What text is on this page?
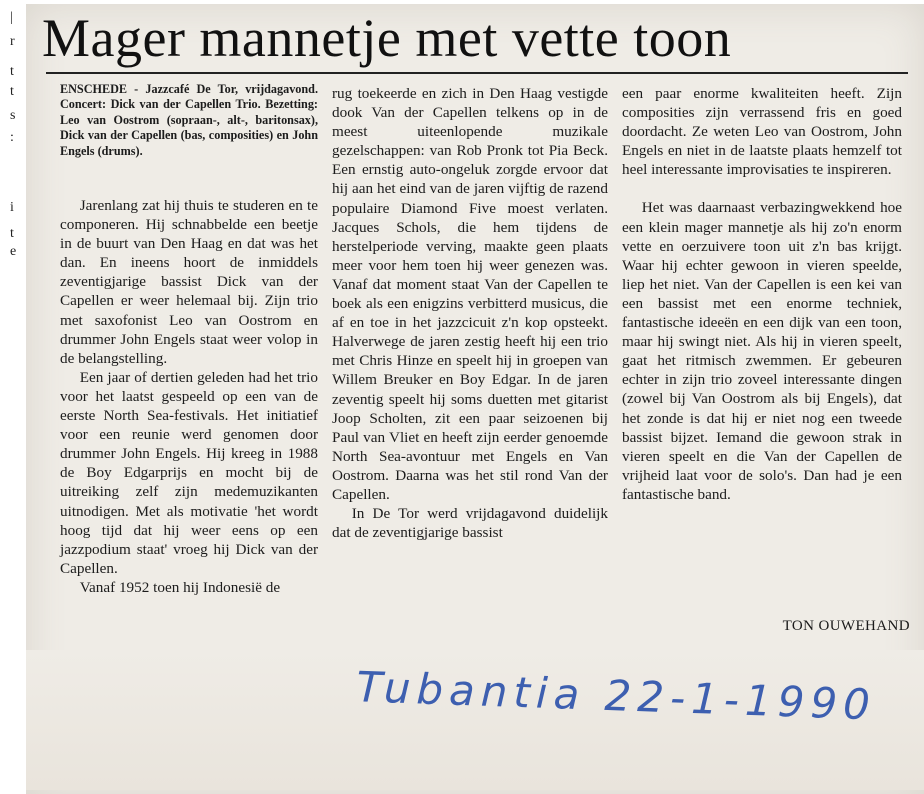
|
r
t
t
s
:
i
t
e
Mager mannetje met vette toon
ENSCHEDE - Jazzcafé De Tor, vrijdagavond. Concert: Dick van der Capellen Trio. Bezetting: Leo van Oostrom (sopraan-, alt-, baritonsax), Dick van der Capellen (bas, composities) en John Engels (drums).

Jarenlang zat hij thuis te studeren en te componeren. Hij schnabbelde een beetje in de buurt van Den Haag en dat was het dan. En ineens hoort de inmiddels zeventigjarige bassist Dick van der Capellen er weer helemaal bij. Zijn trio met saxofonist Leo van Oostrom en drummer John Engels staat weer volop in de belangstelling.

Een jaar of dertien geleden had het trio voor het laatst gespeeld op een van de eerste North Sea-festivals. Het initiatief voor een reunie werd genomen door drummer John Engels. Hij kreeg in 1988 de Boy Edgarprijs en mocht bij de uitreiking zelf zijn medemuzikanten uitnodigen. Met als motivatie 'het wordt hoog tijd dat hij weer eens op een jazzpodium staat' vroeg hij Dick van der Capellen.

Vanaf 1952 toen hij Indonesië de

rug toekeerde en zich in Den Haag vestigde dook Van der Capellen telkens op in de meest uiteenlopende muzikale gezelschappen: van Rob Pronk tot Pia Beck. Een ernstig auto-ongeluk zorgde ervoor dat hij aan het eind van de jaren vijftig de razend populaire Diamond Five moest verlaten. Jacques Schols, die hem tijdens de herstelperiode verving, maakte geen plaats meer voor hem toen hij weer genezen was. Vanaf dat moment staat Van der Capellen te boek als een enigzins verbitterd musicus, die af en toe in het jazzcicuit z'n kop opsteekt. Halverwege de jaren zestig heeft hij een trio met Chris Hinze en speelt hij in groepen van Willem Breuker en Boy Edgar. In de jaren zeventig speelt hij soms duetten met gitarist Joop Scholten, zit een paar seizoenen bij Paul van Vliet en heeft zijn eerder genoemde North Sea-avontuur met Engels en Van Oostrom. Daarna was het stil rond Van der Capellen.

In De Tor werd vrijdagavond duidelijk dat de zeventigjarige bassist

een paar enorme kwaliteiten heeft. Zijn composities zijn verrassend fris en goed doordacht. Ze weten Leo van Oostrom, John Engels en niet in de laatste plaats hemzelf tot heel interessante improvisaties te inspireren.

Het was daarnaast verbazingwekkend hoe een klein mager mannetje als hij zo'n enorm vette en oerzuivere toon uit z'n bas krijgt. Waar hij echter gewoon in vieren speelde, liep het niet. Van der Capellen is een kei van een bassist met een enorme techniek, fantastische ideeën en een dijk van een toon, maar hij swingt niet. Als hij in vieren speelt, gaat het ritmisch zwemmen. Er gebeuren echter in zijn trio zoveel interessante dingen (zowel bij Van Oostrom als bij Engels), dat het zonde is dat hij er niet nog een tweede bassist bijzet. Iemand die gewoon strak in vieren speelt en die Van der Capellen de vrijheid laat voor de solo's. Dan had je een fantastische band.

TON OUWEHAND
Tubantia 22-1-1990
